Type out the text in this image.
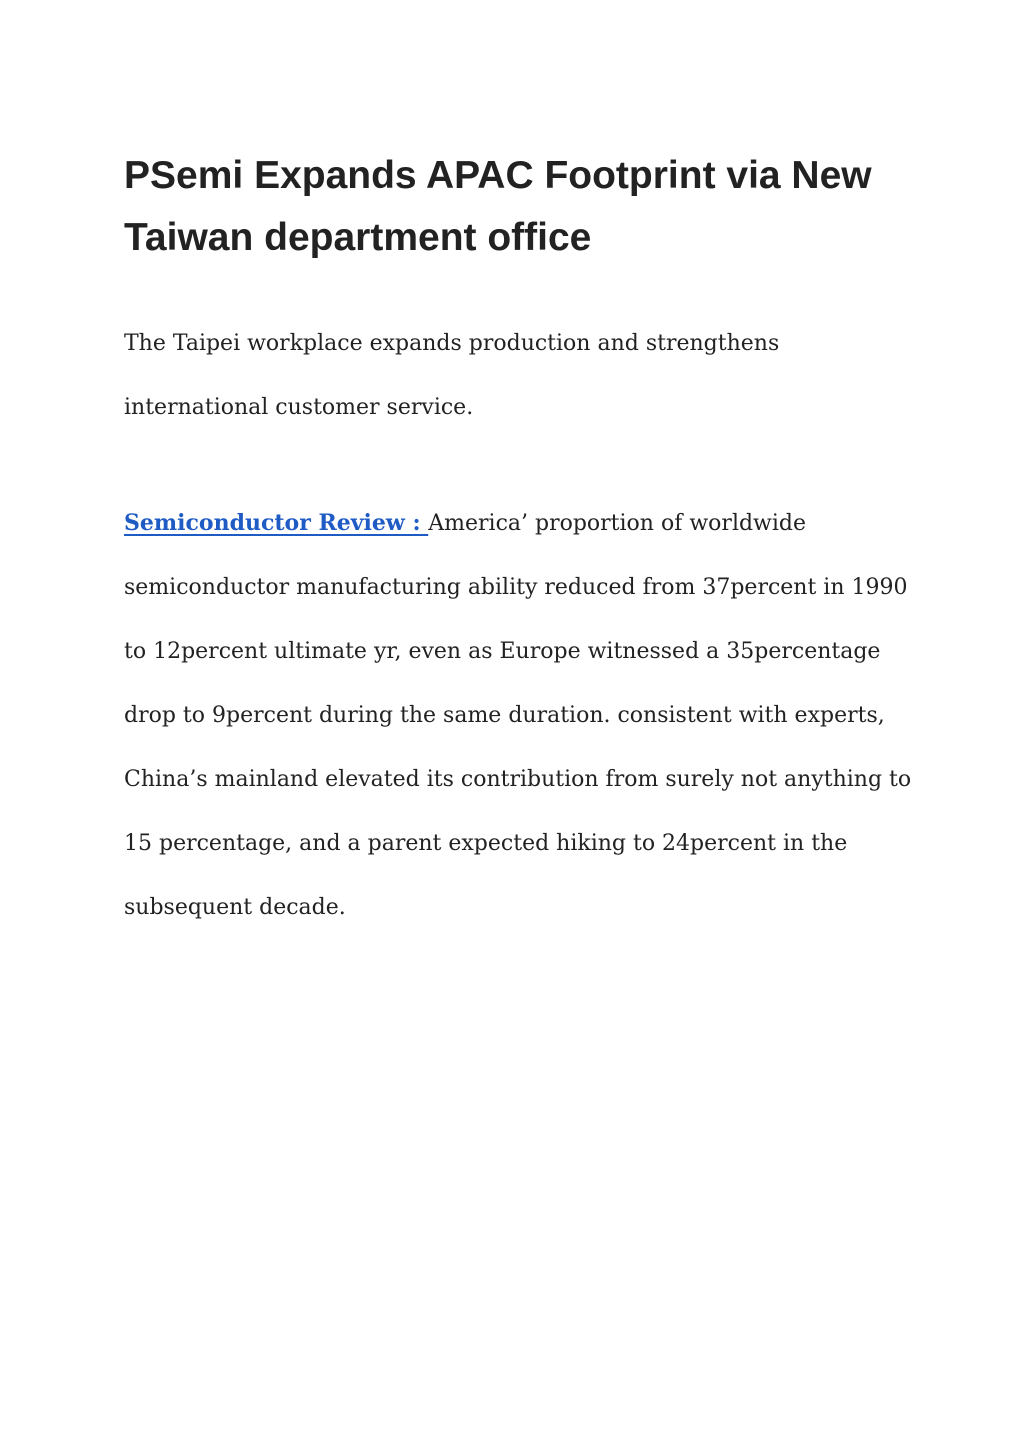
PSemi Expands APAC Footprint via New Taiwan department office

The Taipei workplace expands production and strengthens international customer service.

Semiconductor Review : America’ proportion of worldwide semiconductor manufacturing ability reduced from 37percent in 1990 to 12percent ultimate yr, even as Europe witnessed a 35percentage drop to 9percent during the same duration. consistent with experts, China’s mainland elevated its contribution from surely not anything to 15 percentage, and a parent expected hiking to 24percent in the subsequent decade.
